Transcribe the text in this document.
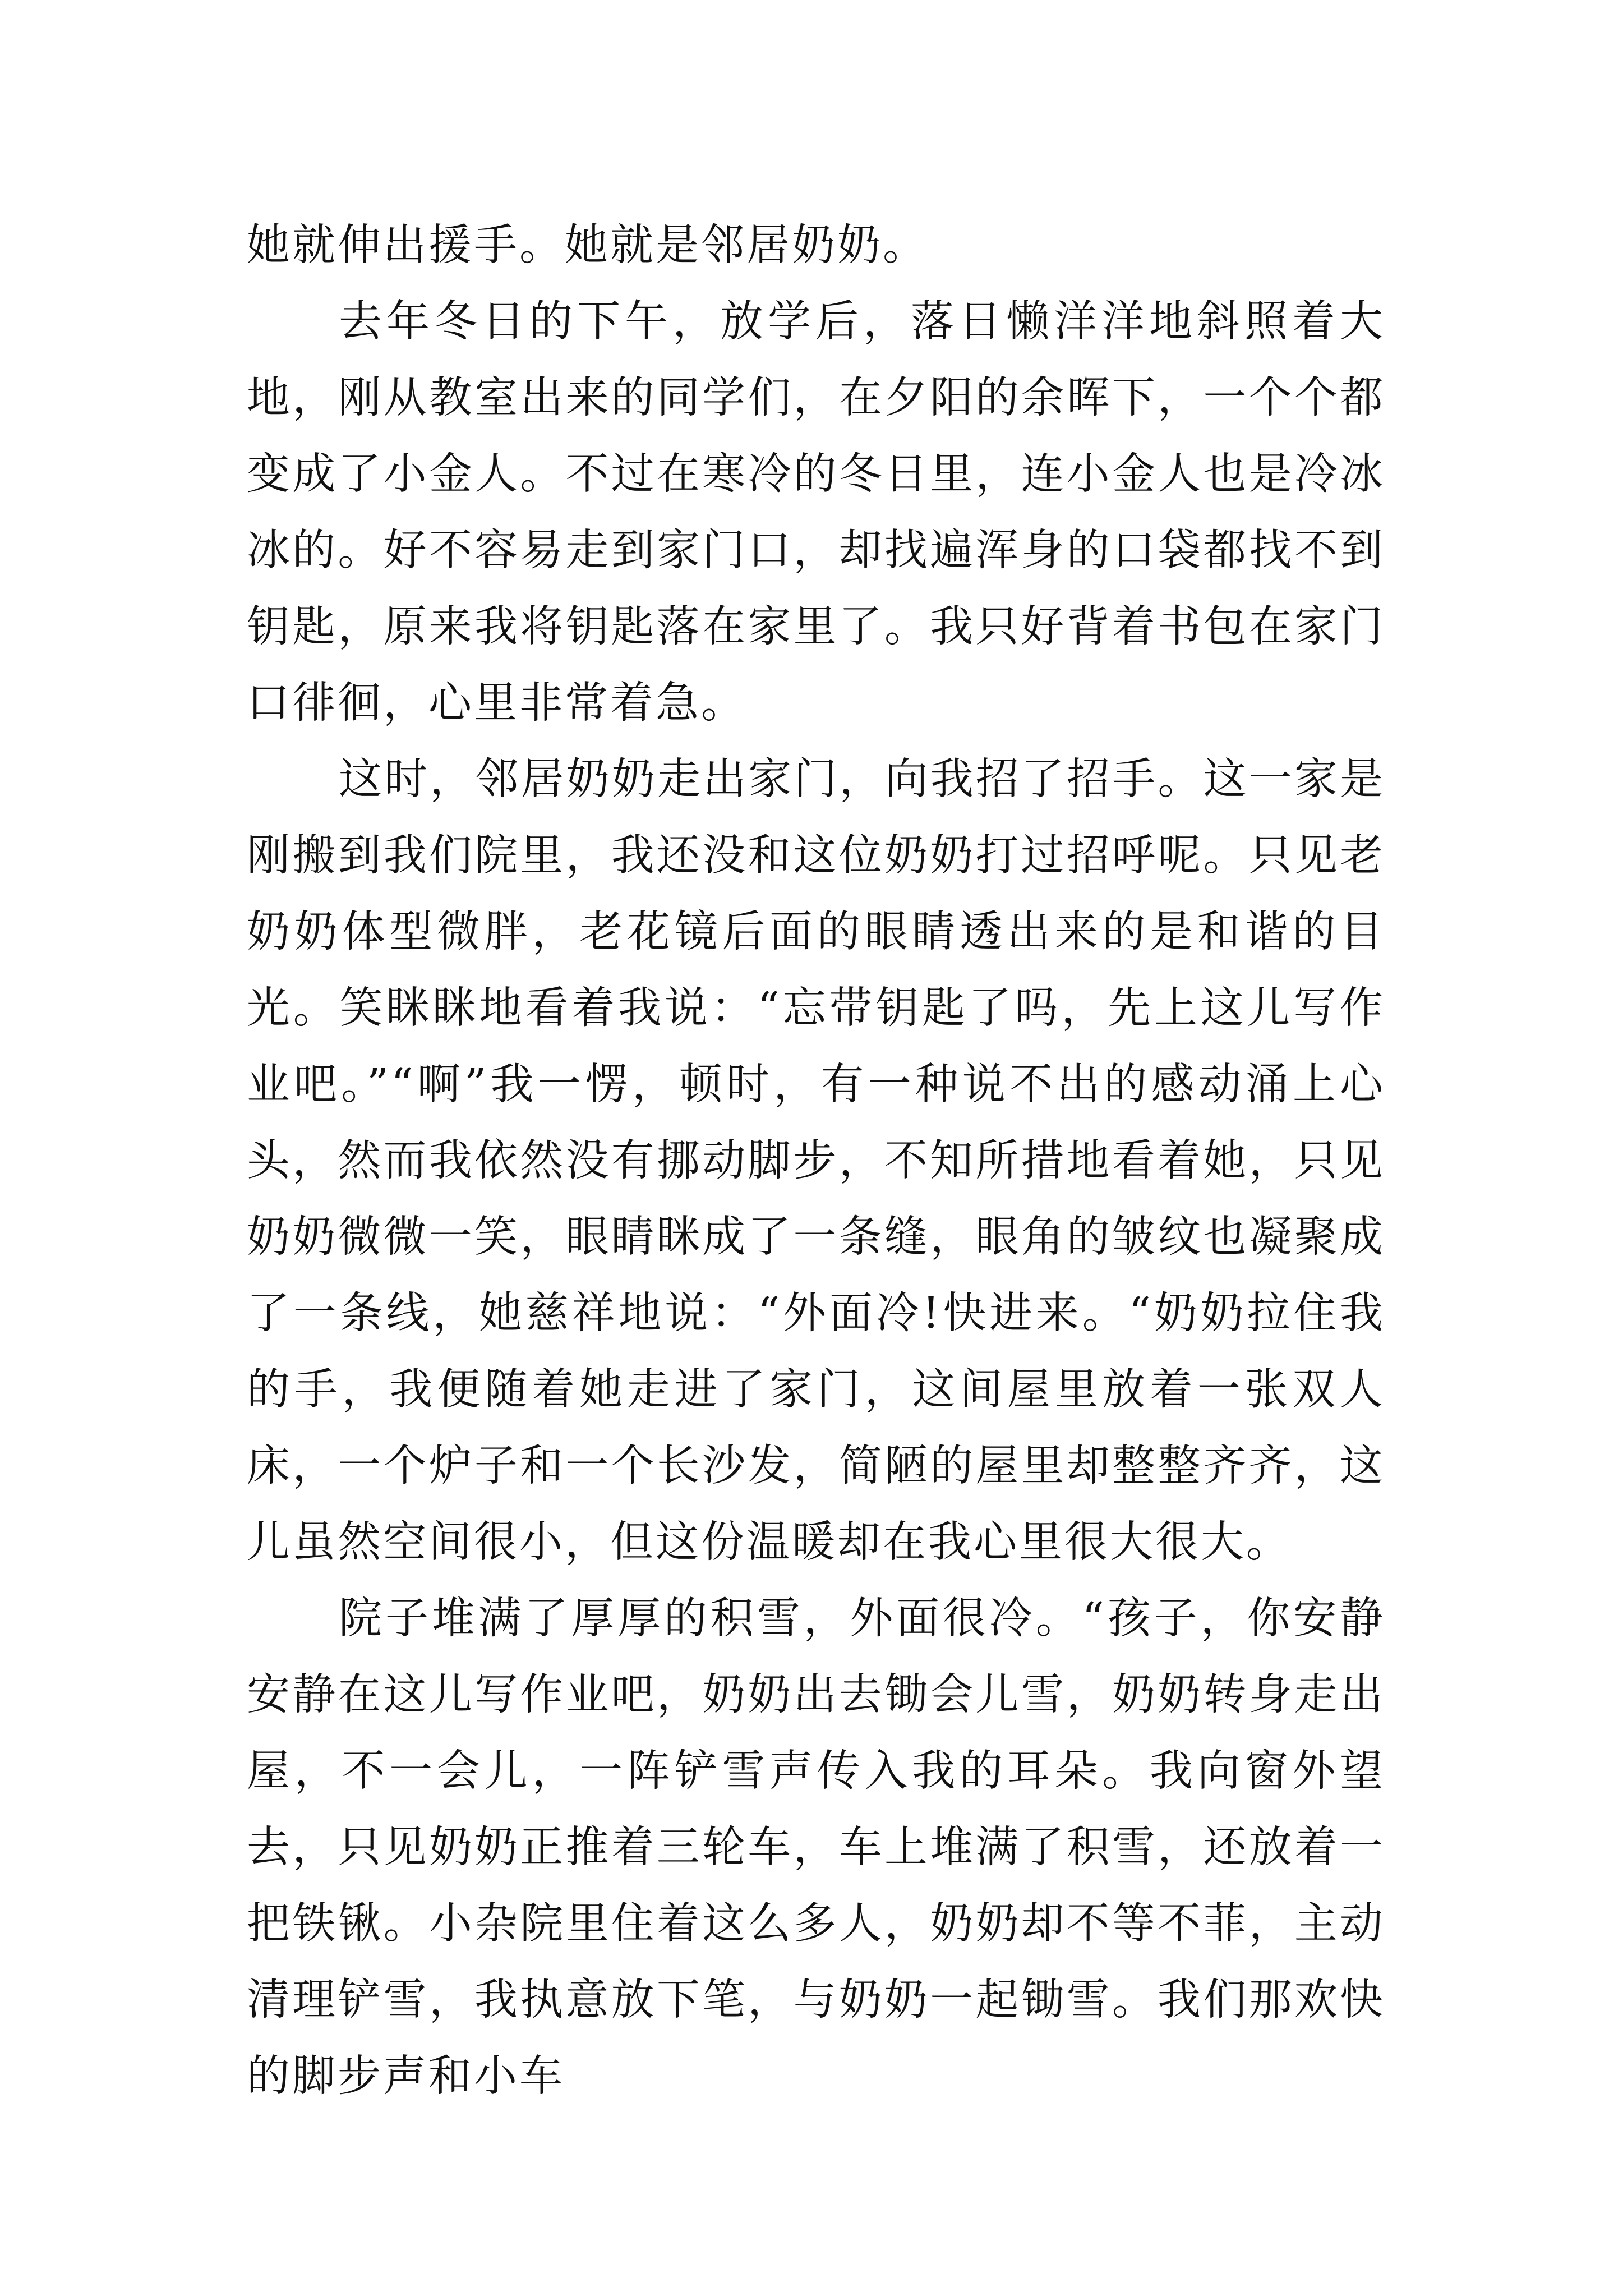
她就伸出援手。她就是邻居奶奶。

去年冬日的下午，放学后，落日懒洋洋地斜照着大地，刚从教室出来的同学们，在夕阳的余晖下，一个个都变成了小金人。不过在寒冷的冬日里，连小金人也是冷冰冰的。好不容易走到家门口，却找遍浑身的口袋都找不到钥匙，原来我将钥匙落在家里了。我只好背着书包在家门口徘徊，心里非常着急。

这时，邻居奶奶走出家门，向我招了招手。这一家是刚搬到我们院里，我还没和这位奶奶打过招呼呢。只见老奶奶体型微胖，老花镜后面的眼睛透出来的是和谐的目光。笑眯眯地看着我说：“忘带钥匙了吗，先上这儿写作业吧。”“啊”我一愣，顿时，有一种说不出的感动涌上心头，然而我依然没有挪动脚步，不知所措地看着她，只见奶奶微微一笑，眼睛眯成了一条缝，眼角的皱纹也凝聚成了一条线，她慈祥地说：“外面冷!快进来。“奶奶拉住我的手，我便随着她走进了家门，这间屋里放着一张双人床，一个炉子和一个长沙发，简陋的屋里却整整齐齐，这儿虽然空间很小，但这份温暖却在我心里很大很大。

院子堆满了厚厚的积雪，外面很冷。“孩子，你安静安静在这儿写作业吧，奶奶出去锄会儿雪，奶奶转身走出屋，不一会儿，一阵铲雪声传入我的耳朵。我向窗外望去，只见奶奶正推着三轮车，车上堆满了积雪，还放着一把铁锹。小杂院里住着这么多人，奶奶却不等不菲，主动清理铲雪，我执意放下笔，与奶奶一起锄雪。我们那欢快的脚步声和小车
